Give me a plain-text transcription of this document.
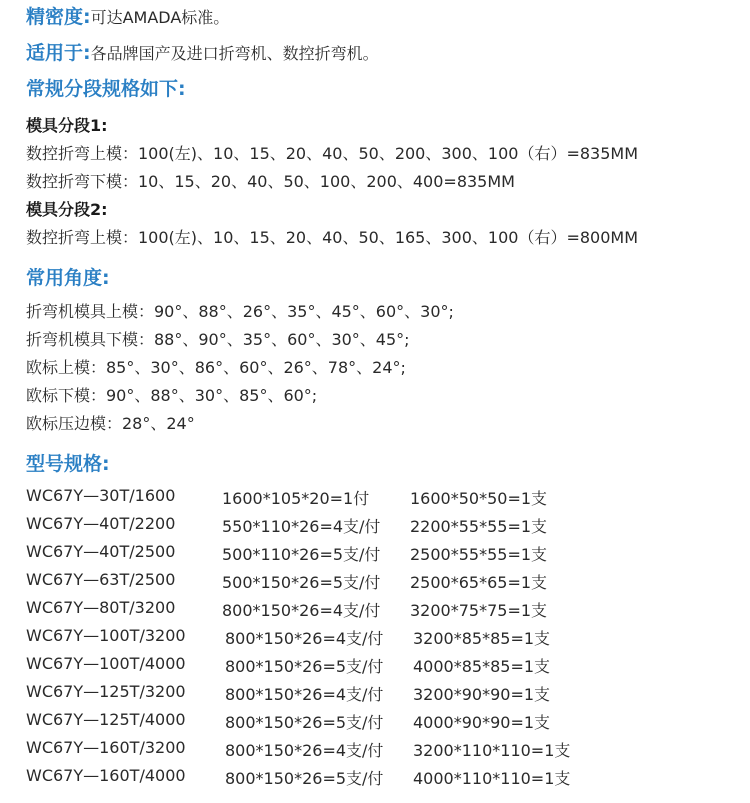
精密度:可达AMADA标准。
适用于:各品牌国产及进口折弯机、数控折弯机。
常规分段规格如下:
模具分段1:
数控折弯上模：100(左)、10、15、20、40、50、200、300、100（右）=835MM
数控折弯下模：10、15、20、40、50、100、200、400=835MM
模具分段2:
数控折弯上模：100(左)、10、15、20、40、50、165、300、100（右）=800MM
常用角度:
折弯机模具上模：90°、88°、26°、35°、45°、60°、30°;
折弯机模具下模：88°、90°、35°、60°、30°、45°;
欧标上模：85°、30°、86°、60°、26°、78°、24°;
欧标下模：90°、88°、30°、85°、60°;
欧标压边模：28°、24°
型号规格:
WC67Y—30T/1600	1600*105*20=1付	1600*50*50=1支
WC67Y—40T/2200	550*110*26=4支/付 2200*55*55=1支
WC67Y—40T/2500	500*110*26=5支/付 2500*55*55=1支
WC67Y—63T/2500	500*150*26=5支/付 2500*65*65=1支
WC67Y—80T/3200	800*150*26=4支/付 3200*75*75=1支
WC67Y—100T/3200 800*150*26=4支/付 3200*85*85=1支
WC67Y—100T/4000 800*150*26=5支/付 4000*85*85=1支
WC67Y—125T/3200 800*150*26=4支/付 3200*90*90=1支
WC67Y—125T/4000 800*150*26=5支/付 4000*90*90=1支
WC67Y—160T/3200 800*150*26=4支/付 3200*110*110=1支
WC67Y—160T/4000 800*150*26=5支/付 4000*110*110=1支
